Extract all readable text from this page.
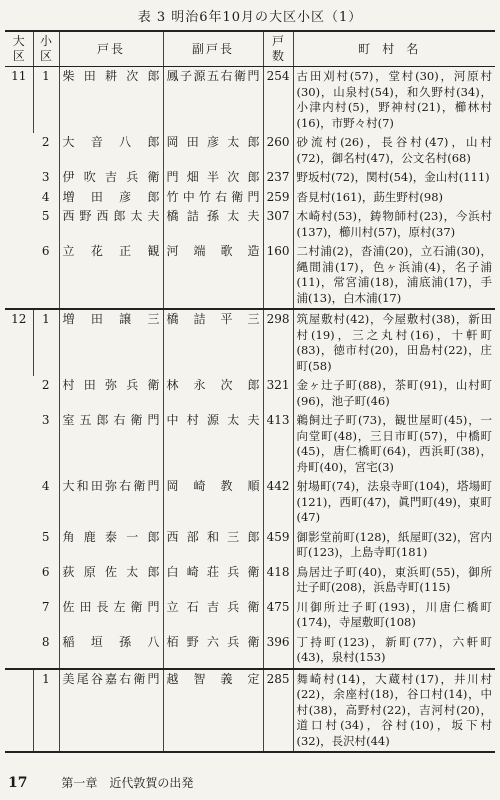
表 3 明治6年10月の大区小区（1）
大区	小区	戸長	副戸長	戸数	町村名
11	1	柴田耕次郎	鳳子源五右衛門	254	古田刈村(57)，堂村(30)，河原村(30)，山泉村(54)，和久野村(34)，小津内村(5)，野神村(21)，櫛林村(16)，市野々村(7)
	2	大音八郎	岡田彦太郎	260	砂流村(26)，長谷村(47)，山村(72)，御名村(47)，公文名村(68)
	3	伊吹吉兵衛	門畑半次郎	237	野坂村(72)，関村(54)，金山村(111)
	4	増田彦郎	竹中竹右衛門	259	沓見村(161)，莇生野村(98)
	5	西野西郎太夫	橋詰孫太夫	307	木崎村(53)，鋳物師村(23)，今浜村(137)，櫛川村(57)，原村(37)
	6	立花正観	河端歌造	160	二村浦(2)，沓浦(20)，立石浦(30)，縄間浦(17)，色ヶ浜浦(4)，名子浦(11)，常宮浦(18)，浦底浦(17)，手浦(13)，白木浦(17)
12	1	増田譲三	橋詰平三	298	筑屋敷村(42)，今屋敷村(38)，新田村(19)，三之丸村(16)，十軒町(83)，徳市村(20)，田島村(22)，庄町(58)
	2	村田弥兵衛	林永次郎	321	金ヶ辻子町(88)，茶町(91)，山村町(96)，池子町(46)
	3	室五郎右衛門	中村源太夫	413	鵜飼辻子町(73)，観世屋町(45)，一向堂町(48)，三日市町(57)，中橋町(45)，唐仁橋町(64)，西浜町(38)，舟町(40)，宮宅(3)
	4	大和田弥右衛門	岡崎教順	442	射場町(74)，法泉寺町(104)，塔場町(121)，西町(47)，眞門町(49)，東町(47)
	5	角鹿泰一郎	西部和三郎	459	御影堂前町(128)，紙屋町(32)，宮内町(123)，上島寺町(181)
	6	荻原佐太郎	白崎荘兵衛	418	鳥居辻子町(40)，東浜町(55)，御所辻子町(208)，浜島寺町(115)
	7	佐田長左衛門	立石吉兵衛	475	川御所辻子町(193)，川唐仁橋町(174)，寺屋敷町(108)
	8	稲垣孫八	栢野六兵衛	396	丁持町(123)，新町(77)，六軒町(43)，泉村(153)
	1	美尾谷嘉右衛門	越智義定	285	舞崎村(14)，大蔵村(17)，井川村(22)，余座村(18)，谷口村(14)，中村(38)，高野村(22)，吉河村(20)，道口村(34)，谷村(10)，坂下村(32)，長沢村(44)
17	第一章　近代敦賀の出発
